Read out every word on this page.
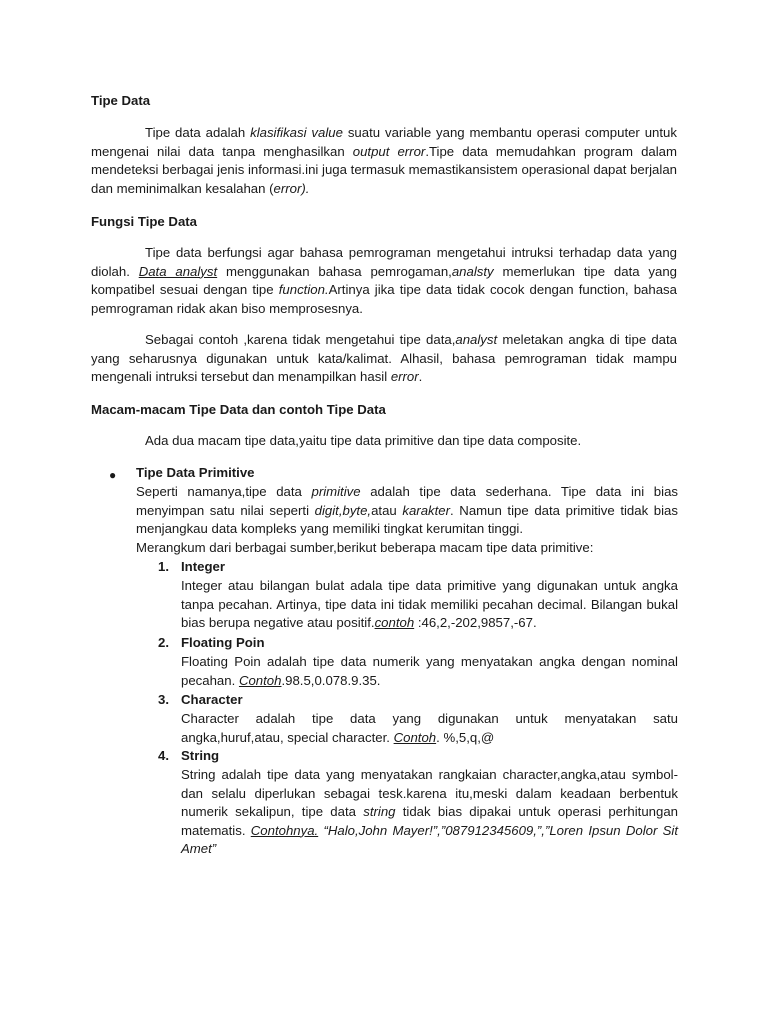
Tipe Data

Tipe data adalah klasifikasi value suatu variable yang membantu operasi computer untuk mengenai nilai data tanpa menghasilkan output error.Tipe data memudahkan program dalam mendeteksi berbagai jenis informasi.ini juga termasuk memastikansistem operasional dapat berjalan dan meminimalkan kesalahan (error).

Fungsi Tipe Data

Tipe data berfungsi agar bahasa pemrograman mengetahui intruksi terhadap data yang diolah. Data analyst menggunakan bahasa pemrogaman,analsty memerlukan tipe data yang kompatibel sesuai dengan tipe function.Artinya jika tipe data tidak cocok dengan function, bahasa pemrograman ridak akan biso memprosesnya.

Sebagai contoh ,karena tidak mengetahui tipe data,analyst meletakan angka di tipe data yang seharusnya digunakan untuk kata/kalimat. Alhasil, bahasa pemrograman tidak mampu mengenali intruksi tersebut dan menampilkan hasil error.

Macam-macam Tipe Data dan contoh Tipe Data

Ada dua macam tipe data,yaitu tipe data primitive dan tipe data composite.

● Tipe Data Primitive

Seperti namanya,tipe data primitive adalah tipe data sederhana. Tipe data ini bias menyimpan satu nilai seperti digit,byte,atau karakter. Namun tipe data primitive tidak bias menjangkau data kompleks yang memiliki tingkat kerumitan tinggi.

Merangkum dari berbagai sumber,berikut beberapa macam tipe data primitive:

1. Integer

Integer atau bilangan bulat adala tipe data primitive yang digunakan untuk angka tanpa pecahan. Artinya, tipe data ini tidak memiliki pecahan decimal. Bilangan bukal bias berupa negative atau positif.contoh :46,2,-202,9857,-67.

2. Floating Poin

Floating Poin adalah tipe data numerik yang menyatakan angka dengan nominal pecahan. Contoh.98.5,0.078.9.35.

3. Character

Character adalah tipe data yang digunakan untuk menyatakan satu angka,huruf,atau, special character. Contoh. %,5,q,@

4. String

String adalah tipe data yang menyatakan rangkaian character,angka,atau symbol-dan selalu diperlukan sebagai tesk.karena itu,meski dalam keadaan berbentuk numerik sekalipun, tipe data string tidak bias dipakai untuk operasi perhitungan matematis. Contohnya. “Halo,John Mayer!”,”087912345609,”,”Loren Ipsun Dolor Sit Amet”
